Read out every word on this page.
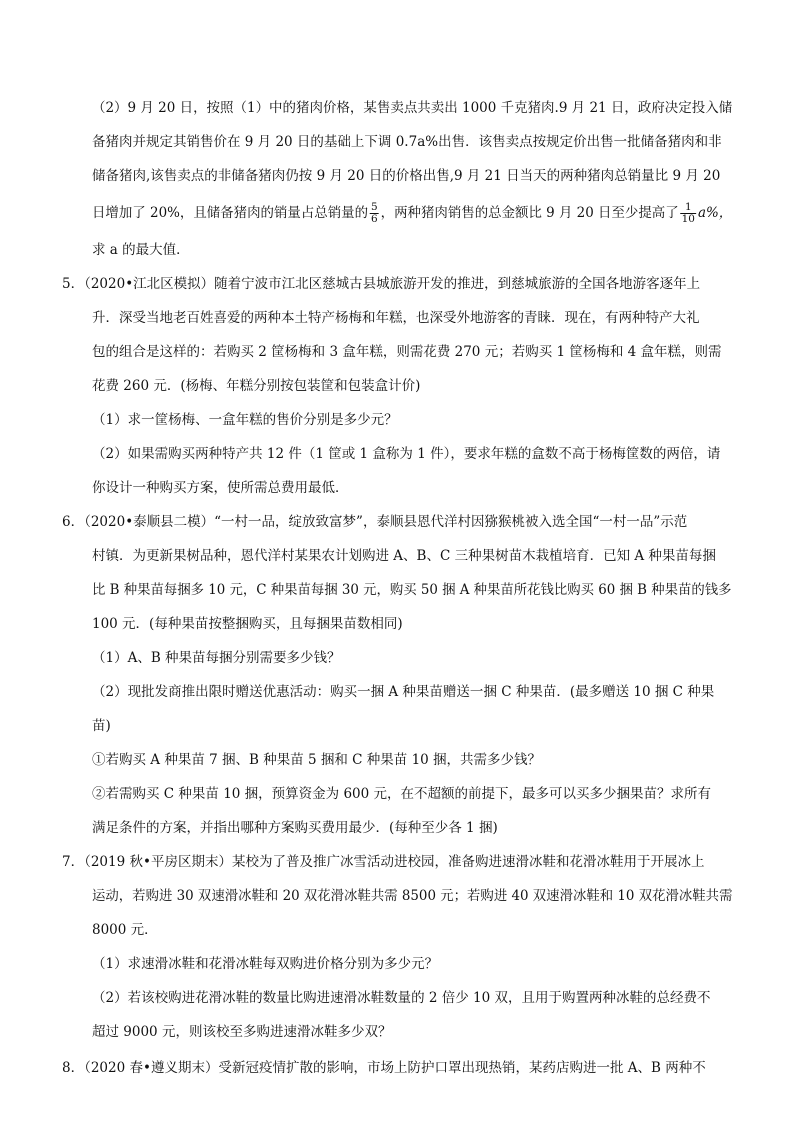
（2）9 月 20 日，按照（1）中的猪肉价格，某售卖点共卖出 1000 千克猪肉.9 月 21 日，政府决定投入储
备猪肉并规定其销售价在 9 月 20 日的基础上下调 0.7a%出售．该售卖点按规定价出售一批储备猪肉和非
储备猪肉,该售卖点的非储备猪肉仍按 9 月 20 日的价格出售,9 月 21 日当天的两种猪肉总销量比 9 月 20
日增加了 20%，且储备猪肉的销量占总销量的 $\frac{5}{6}$ ，两种猪肉销售的总金额比 9 月 20 日至少提高了 $\frac{1}{10} a\%$，
求 a 的最大值．
5．（2020•江北区模拟）随着宁波市江北区慈城古县城旅游开发的推进，到慈城旅游的全国各地游客逐年上
升．深受当地老百姓喜爱的两种本土特产杨梅和年糕，也深受外地游客的青睐．现在，有两种特产大礼
包的组合是这样的：若购买 2 筐杨梅和 3 盒年糕，则需花费 270 元；若购买 1 筐杨梅和 4 盒年糕，则需
花费 260 元．(杨梅、年糕分别按包装筐和包装盒计价)
（1）求一筐杨梅、一盒年糕的售价分别是多少元？
（2）如果需购买两种特产共 12 件（1 筐或 1 盒称为 1 件），要求年糕的盒数不高于杨梅筐数的两倍，请
你设计一种购买方案，使所需总费用最低．
6．（2020•泰顺县二模）“一村一品，绽放致富梦”，泰顺县恩代洋村因猕猴桃被入选全国“一村一品”示范
村镇．为更新果树品种，恩代洋村某果农计划购进 A、B、C 三种果树苗木栽植培育．已知 A 种果苗每捆
比 B 种果苗每捆多 10 元，C 种果苗每捆 30 元，购买 50 捆 A 种果苗所花钱比购买 60 捆 B 种果苗的钱多
100 元．(每种果苗按整捆购买，且每捆果苗数相同)
（1）A、B 种果苗每捆分别需要多少钱？
（2）现批发商推出限时赠送优惠活动：购买一捆 A 种果苗赠送一捆 C 种果苗．(最多赠送 10 捆 C 种果
苗)
①若购买 A 种果苗 7 捆、B 种果苗 5 捆和 C 种果苗 10 捆，共需多少钱？
②若需购买 C 种果苗 10 捆，预算资金为 600 元，在不超额的前提下，最多可以买多少捆果苗？求所有
满足条件的方案，并指出哪种方案购买费用最少．(每种至少各 1 捆)
7．（2019 秋•平房区期末）某校为了普及推广冰雪活动进校园，准备购进速滑冰鞋和花滑冰鞋用于开展冰上
运动，若购进 30 双速滑冰鞋和 20 双花滑冰鞋共需 8500 元；若购进 40 双速滑冰鞋和 10 双花滑冰鞋共需
8000 元．
（1）求速滑冰鞋和花滑冰鞋每双购进价格分别为多少元？
（2）若该校购进花滑冰鞋的数量比购进速滑冰鞋数量的 2 倍少 10 双，且用于购置两种冰鞋的总经费不
超过 9000 元，则该校至多购进速滑冰鞋多少双？
8．（2020 春•遵义期末）受新冠疫情扩散的影响，市场上防护口罩出现热销，某药店购进一批 A、B 两种不
